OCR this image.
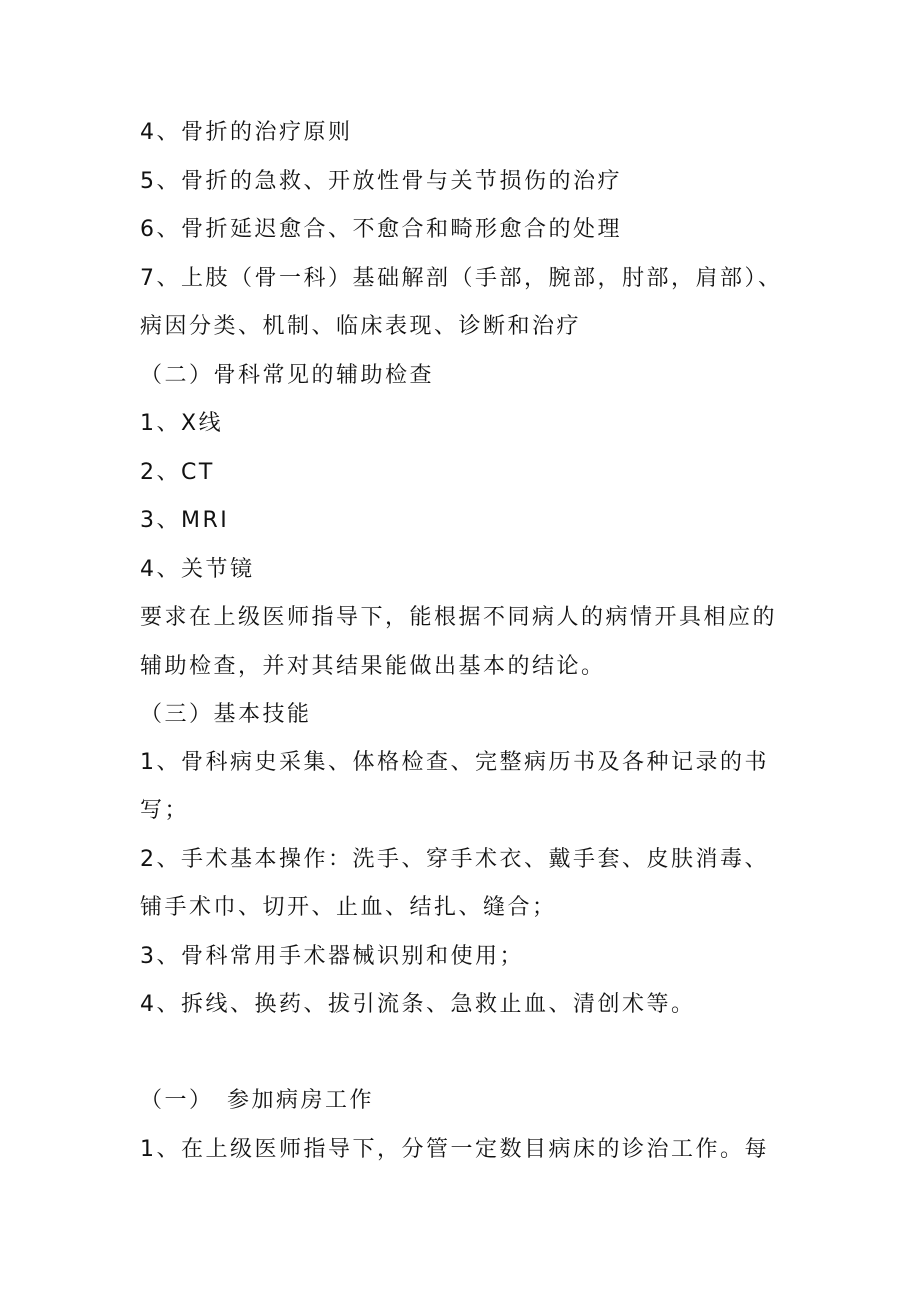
4、骨折的治疗原则
5、骨折的急救、开放性骨与关节损伤的治疗
6、骨折延迟愈合、不愈合和畸形愈合的处理
7、上肢（骨一科）基础解剖（手部，腕部，肘部，肩部）、
病因分类、机制、临床表现、诊断和治疗
（二）骨科常见的辅助检查
1、X线
2、CT
3、MRI
4、关节镜
要求在上级医师指导下，能根据不同病人的病情开具相应的
辅助检查，并对其结果能做出基本的结论。
（三）基本技能
1、骨科病史采集、体格检查、完整病历书及各种记录的书
写；
2、手术基本操作：洗手、穿手术衣、戴手套、皮肤消毒、
铺手术巾、切开、止血、结扎、缝合；
3、骨科常用手术器械识别和使用；
4、拆线、换药、拔引流条、急救止血、清创术等。
（一）　参加病房工作
1、在上级医师指导下，分管一定数目病床的诊治工作。每
